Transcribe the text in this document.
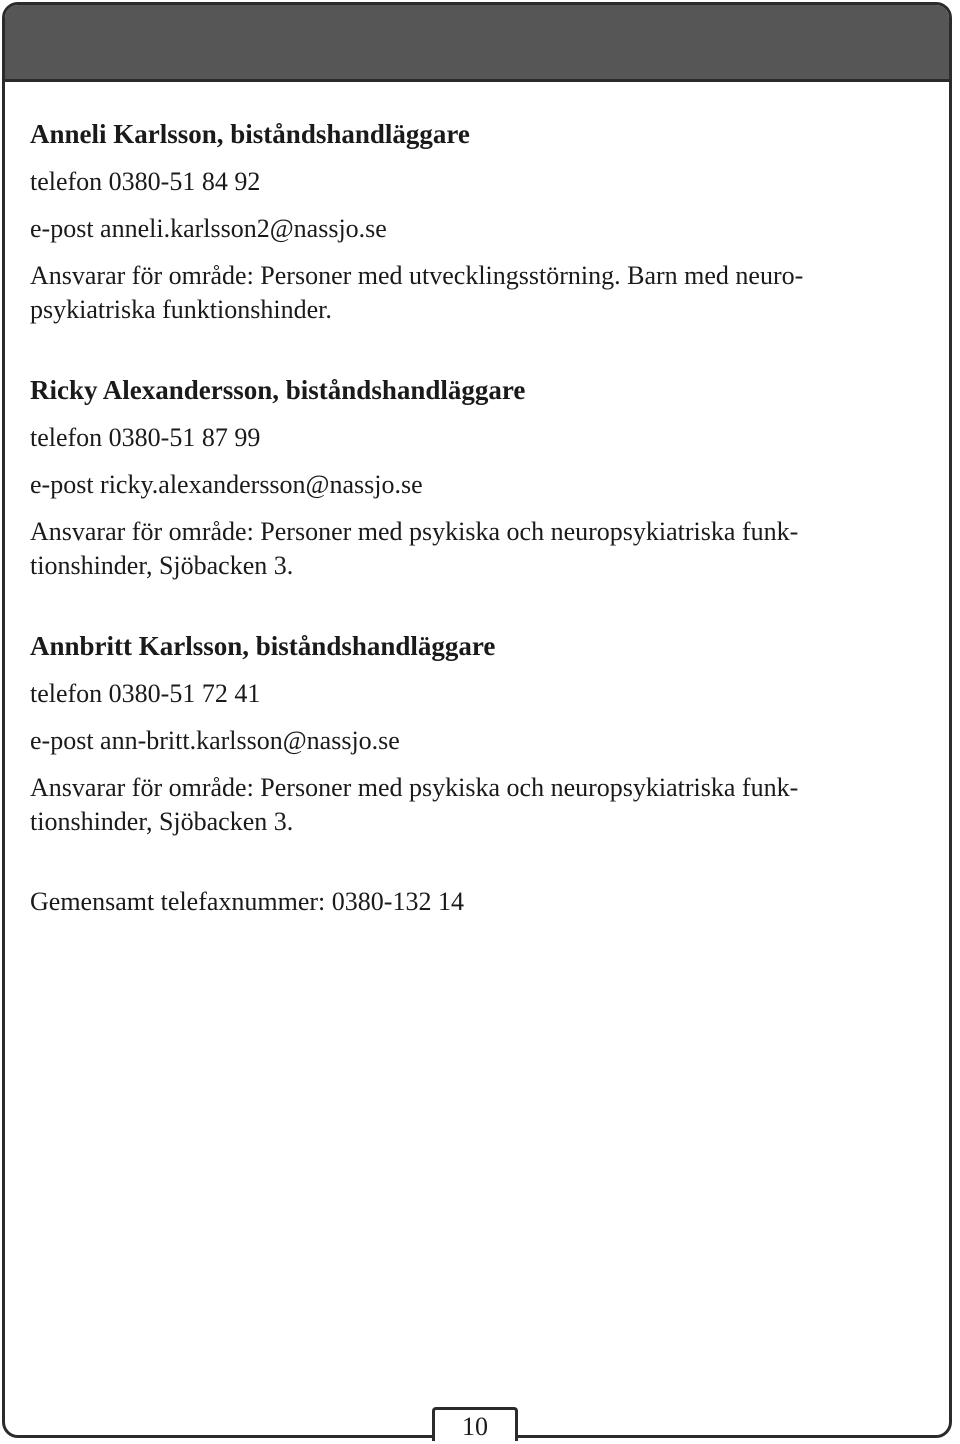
Anneli Karlsson, biståndshandläggare
telefon 0380-51 84 92
e-post anneli.karlsson2@nassjo.se
Ansvarar för område: Personer med utvecklingsstörning. Barn med neuro-
psykiatriska funktionshinder.
Ricky Alexandersson, biståndshandläggare
telefon 0380-51 87 99
e-post ricky.alexandersson@nassjo.se
Ansvarar för område: Personer med psykiska och neuropsykiatriska funk-
tionshinder, Sjöbacken 3.
Annbritt Karlsson, biståndshandläggare
telefon 0380-51 72 41
e-post ann-britt.karlsson@nassjo.se
Ansvarar för område: Personer med psykiska och neuropsykiatriska funk-
tionshinder, Sjöbacken 3.
Gemensamt telefaxnummer: 0380-132 14
10
